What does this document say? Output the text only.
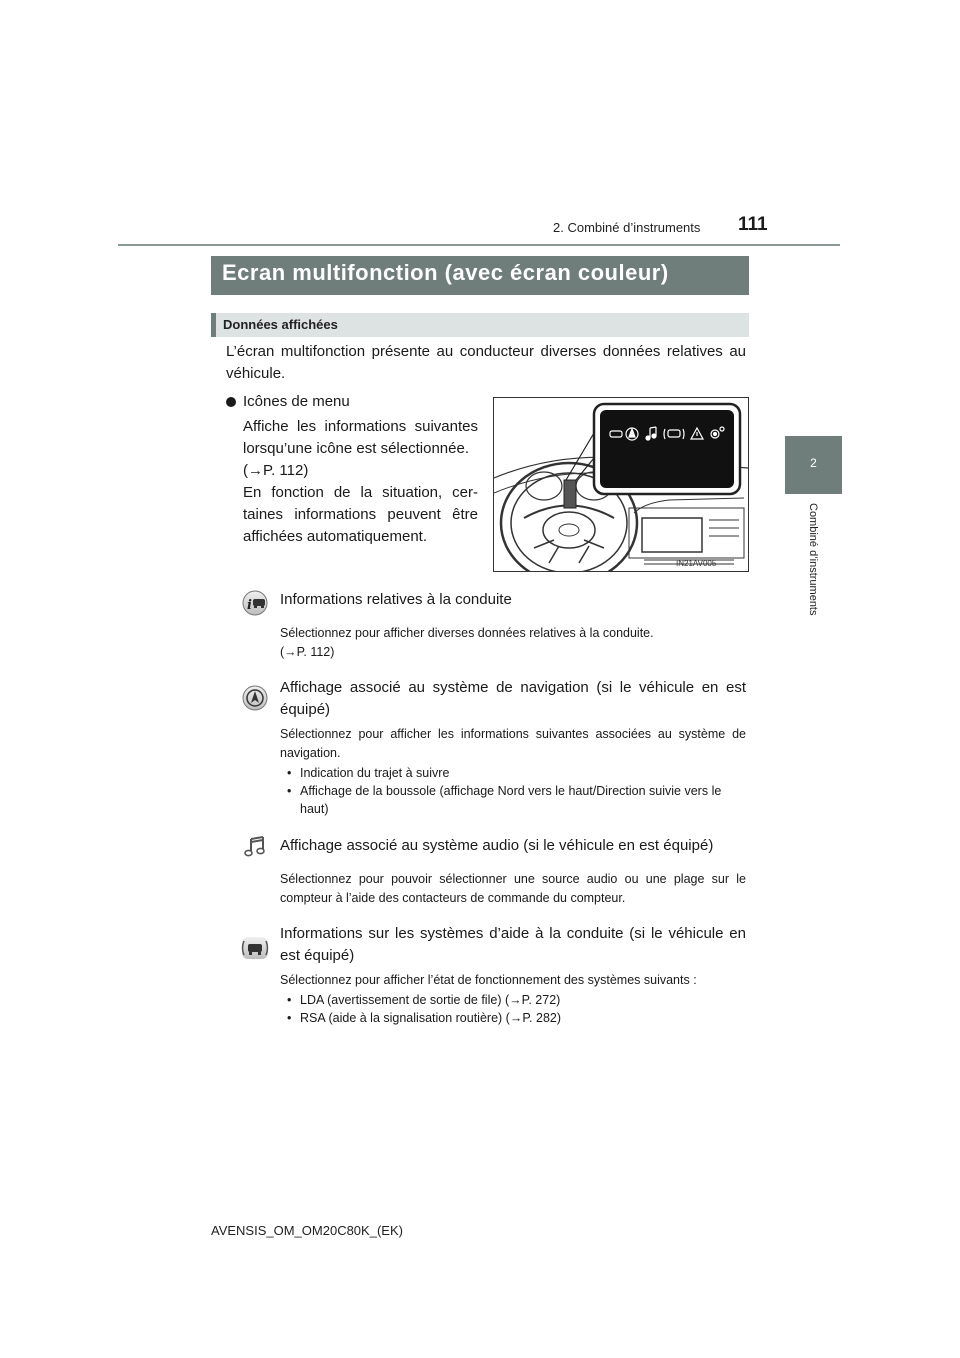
2. Combiné d’instruments 111
2
Combiné d’instruments
Ecran multifonction (avec écran couleur)
Données affichées
L’écran multifonction présente au conducteur diverses données relatives au véhicule.
Icônes de menu
Affiche les informations suivantes
lorsqu’une icône est sélectionnée.
(→P. 112)
En fonction de la situation, cer-
taines informations peuvent être
affichées automatiquement.
IN21AV005
i Informations relatives à la conduite
Sélectionnez pour afficher diverses données relatives à la conduite.
(→P. 112)
Affichage associé au système de navigation (si le véhicule en est équipé)
Sélectionnez pour afficher les informations suivantes associées au système de navigation.
• Indication du trajet à suivre
• Affichage de la boussole (affichage Nord vers le haut/Direction suivie vers le haut)
Affichage associé au système audio (si le véhicule en est équipé)
Sélectionnez pour pouvoir sélectionner une source audio ou une plage sur le compteur à l’aide des contacteurs de commande du compteur.
Informations sur les systèmes d’aide à la conduite (si le véhicule en est équipé)
Sélectionnez pour afficher l’état de fonctionnement des systèmes suivants :
• LDA (avertissement de sortie de file) (→P. 272)
• RSA (aide à la signalisation routière) (→P. 282)
AVENSIS_OM_OM20C80K_(EK)
